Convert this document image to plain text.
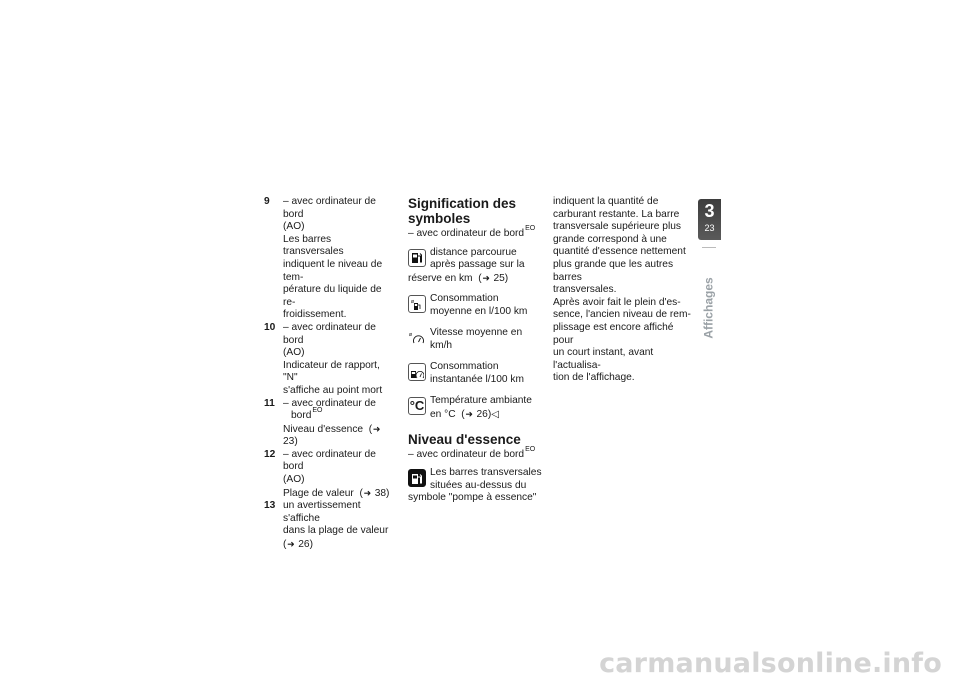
9 – avec ordinateur de bord
(AO)
Les barres transversales
indiquent le niveau de tem-
pérature du liquide de re-
froidissement.
10 – avec ordinateur de bord
(AO)
Indicateur de rapport, "N"
s'affiche au point mort
11 – avec ordinateur de
bord$^{EO}$
Niveau d'essence  (➜ 23)
12 – avec ordinateur de bord
(AO)
Plage de valeur  (➜ 38)
13 un avertissement s'affiche
dans la plage de valeur
(➜ 26)
Signification des symboles
– avec ordinateur de bord$^{EO}$
distance parcourue après passage sur la réserve en km  (➜ 25)
ø Consommation moyenne en l/100 km
ø Vitesse moyenne en km/h
Consommation instantanée l/100 km
°C Température ambiante en °C  (➜ 26)◁
Niveau d'essence
– avec ordinateur de bord$^{EO}$
Les barres transversales situées au-dessus du symbole "pompe à essence"
indiquent la quantité de
carburant restante. La barre
transversale supérieure plus
grande correspond à une
quantité d'essence nettement
plus grande que les autres barres
transversales.
Après avoir fait le plein d'es-
sence, l'ancien niveau de rem-
plissage est encore affiché pour
un court instant, avant l'actualisa-
tion de l'affichage.
3
23
Affichages
carmanualsonline.info
